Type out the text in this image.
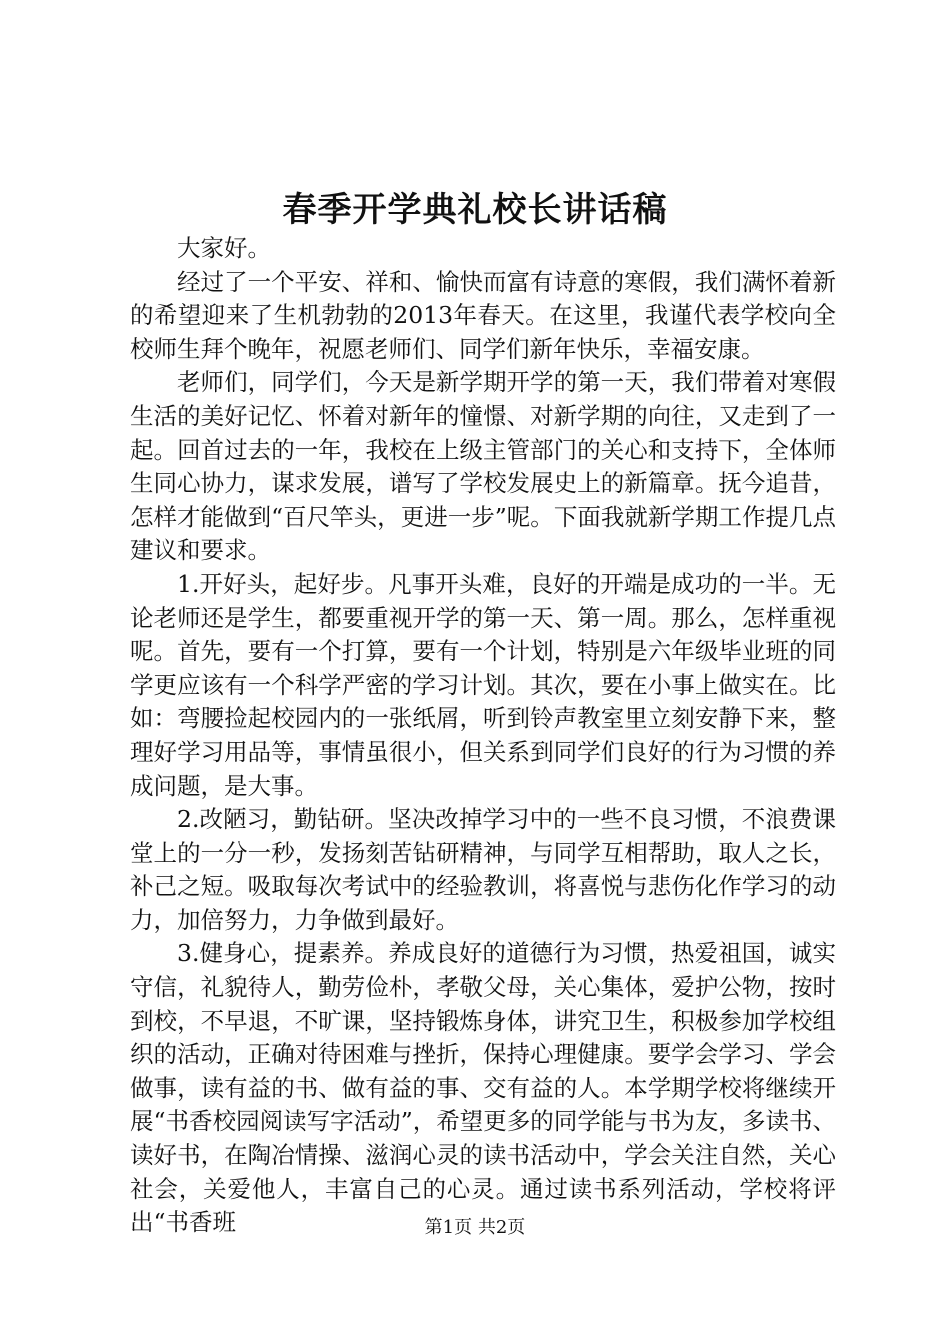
春季开学典礼校长讲话稿

大家好。

经过了一个平安、祥和、愉快而富有诗意的寒假，我们满怀着新的希望迎来了生机勃勃的2013年春天。在这里，我谨代表学校向全校师生拜个晚年，祝愿老师们、同学们新年快乐，幸福安康。

老师们，同学们，今天是新学期开学的第一天，我们带着对寒假生活的美好记忆、怀着对新年的憧憬、对新学期的向往，又走到了一起。回首过去的一年，我校在上级主管部门的关心和支持下，全体师生同心协力，谋求发展，谱写了学校发展史上的新篇章。抚今追昔，怎样才能做到“百尺竿头，更进一步”呢。下面我就新学期工作提几点建议和要求。

1.开好头，起好步。凡事开头难，良好的开端是成功的一半。无论老师还是学生，都要重视开学的第一天、第一周。那么，怎样重视呢。首先，要有一个打算，要有一个计划，特别是六年级毕业班的同学更应该有一个科学严密的学习计划。其次，要在小事上做实在。比如：弯腰捡起校园内的一张纸屑，听到铃声教室里立刻安静下来，整理好学习用品等，事情虽很小，但关系到同学们良好的行为习惯的养成问题，是大事。

2.改陋习，勤钻研。坚决改掉学习中的一些不良习惯，不浪费课堂上的一分一秒，发扬刻苦钻研精神，与同学互相帮助，取人之长，补己之短。吸取每次考试中的经验教训，将喜悦与悲伤化作学习的动力，加倍努力，力争做到最好。

3.健身心，提素养。养成良好的道德行为习惯，热爱祖国，诚实守信，礼貌待人，勤劳俭朴，孝敬父母，关心集体，爱护公物，按时到校，不早退，不旷课，坚持锻炼身体，讲究卫生，积极参加学校组织的活动，正确对待困难与挫折，保持心理健康。要学会学习、学会做事，读有益的书、做有益的事、交有益的人。本学期学校将继续开展“书香校园阅读写字活动”，希望更多的同学能与书为友，多读书、读好书，在陶冶情操、滋润心灵的读书活动中，学会关注自然，关心社会，关爱他人，丰富自己的心灵。通过读书系列活动，学校将评出“书香班	第1页 共2页
